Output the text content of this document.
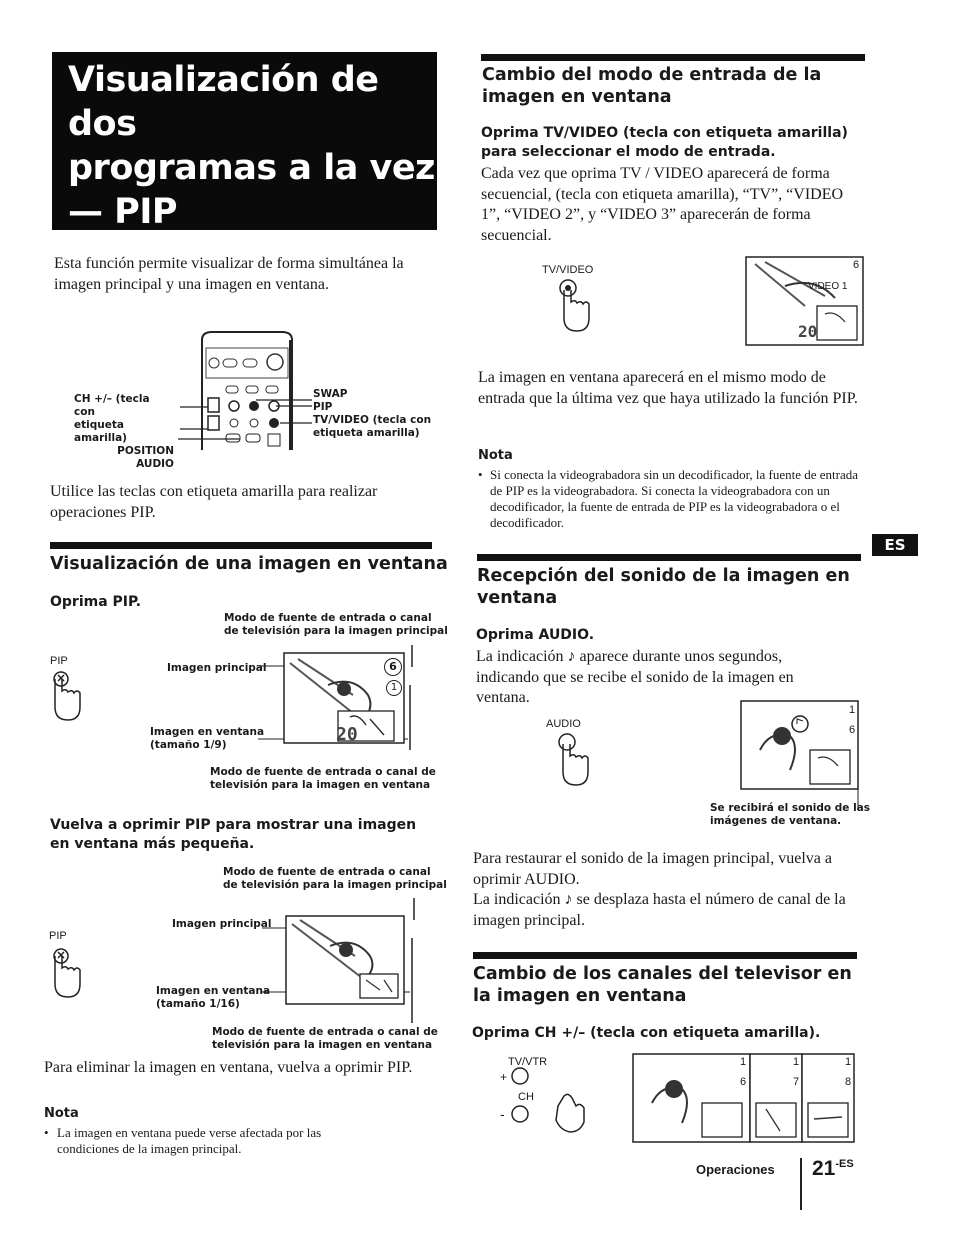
Visualización de dos
programas a la vez
— PIP
Esta función permite visualizar de forma simultánea la imagen principal y una imagen en ventana.
CH +/– (tecla con
etiqueta amarilla)
POSITION
AUDIO
SWAP
PIP
TV/VIDEO (tecla con
etiqueta amarilla)
Utilice las teclas con etiqueta amarilla para realizar operaciones PIP.
Visualización de una imagen en ventana
Oprima PIP.
Modo de fuente de entrada o canal
de televisión para la imagen principal
PIP
Imagen principal	6
1
20
Imagen en ventana
(tamaño 1/9)
Modo de fuente de entrada o canal de
televisión para la imagen en ventana
Vuelva a oprimir PIP para mostrar una imagen
en ventana más pequeña.
Modo de fuente de entrada o canal
de televisión para la imagen principal
Imagen principal
PIP
Imagen en ventana
(tamaño 1/16)
Modo de fuente de entrada o canal de
televisión para la imagen en ventana
Para eliminar la imagen en ventana, vuelva a oprimir PIP.
Nota
• La imagen en ventana puede verse afectada por las condiciones de la imagen principal.
Cambio del modo de entrada de la
imagen en ventana
Oprima TV/VIDEO (tecla con etiqueta amarilla)
para seleccionar el modo de entrada.
Cada vez que oprima TV / VIDEO aparecerá de forma secuencial, (tecla con etiqueta amarilla), “TV”, “VIDEO 1”, “VIDEO 2”, y “VIDEO 3” aparecerán de forma secuencial.
TV/VIDEO	6
VIDEO 1
20
La imagen en ventana aparecerá en el mismo modo de entrada que la última vez que haya utilizado la función PIP.
Nota
• Si conecta la videograbadora sin un decodificador, la fuente de entrada de PIP es la videograbadora. Si conecta la videograbadora con un decodificador, la fuente de entrada de PIP es la videograbadora o el decodificador.
ES
Recepción del sonido de la imagen en
ventana
Oprima AUDIO.
La indicación ♪ aparece durante unos segundos, indicando que se recibe el sonido de la imagen en ventana.
AUDIO
1
6
Se recibirá el sonido de las
imágenes de ventana.
Para restaurar el sonido de la imagen principal, vuelva a oprimir AUDIO.
La indicación ♪ se desplaza hasta el número de canal de la imagen principal.
Cambio de los canales del televisor en
la imagen en ventana
Oprima CH +/– (tecla con etiqueta amarilla).
TV/VTR
CH
+
-
1
6
1
7
1
8
Operaciones $21^{-ES}$
